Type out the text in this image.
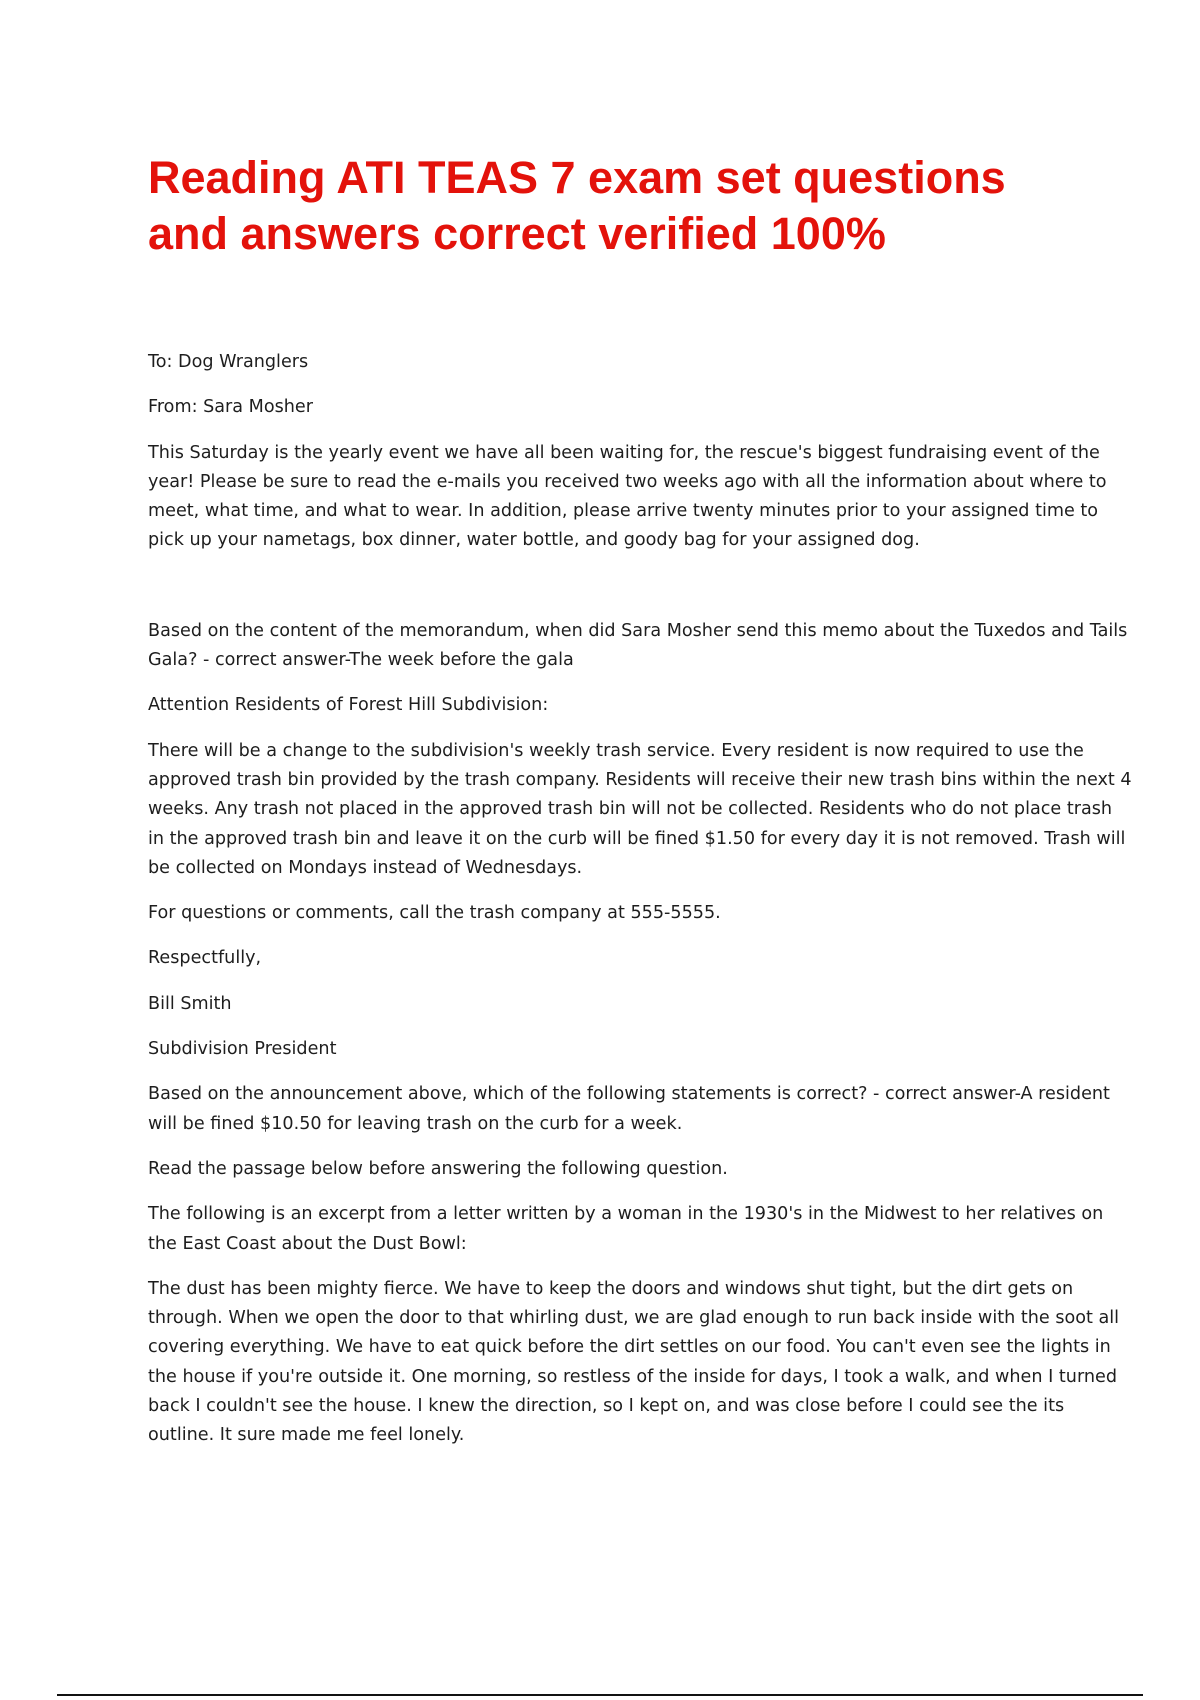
Reading ATI TEAS 7 exam set questions and answers correct verified 100%

To: Dog Wranglers

From: Sara Mosher

This Saturday is the yearly event we have all been waiting for, the rescue's biggest fundraising event of the year! Please be sure to read the e-mails you received two weeks ago with all the information about where to meet, what time, and what to wear. In addition, please arrive twenty minutes prior to your assigned time to pick up your nametags, box dinner, water bottle, and goody bag for your assigned dog.

Based on the content of the memorandum, when did Sara Mosher send this memo about the Tuxedos and Tails Gala? - correct answer-The week before the gala

Attention Residents of Forest Hill Subdivision:

There will be a change to the subdivision's weekly trash service. Every resident is now required to use the approved trash bin provided by the trash company. Residents will receive their new trash bins within the next 4 weeks. Any trash not placed in the approved trash bin will not be collected. Residents who do not place trash in the approved trash bin and leave it on the curb will be fined $1.50 for every day it is not removed. Trash will be collected on Mondays instead of Wednesdays.

For questions or comments, call the trash company at 555-5555.

Respectfully,

Bill Smith

Subdivision President

Based on the announcement above, which of the following statements is correct? - correct answer-A resident will be fined $10.50 for leaving trash on the curb for a week.

Read the passage below before answering the following question.

The following is an excerpt from a letter written by a woman in the 1930's in the Midwest to her relatives on the East Coast about the Dust Bowl:

The dust has been mighty fierce. We have to keep the doors and windows shut tight, but the dirt gets on through. When we open the door to that whirling dust, we are glad enough to run back inside with the soot all covering everything. We have to eat quick before the dirt settles on our food. You can't even see the lights in the house if you're outside it. One morning, so restless of the inside for days, I took a walk, and when I turned back I couldn't see the house. I knew the direction, so I kept on, and was close before I could see the its outline. It sure made me feel lonely.
